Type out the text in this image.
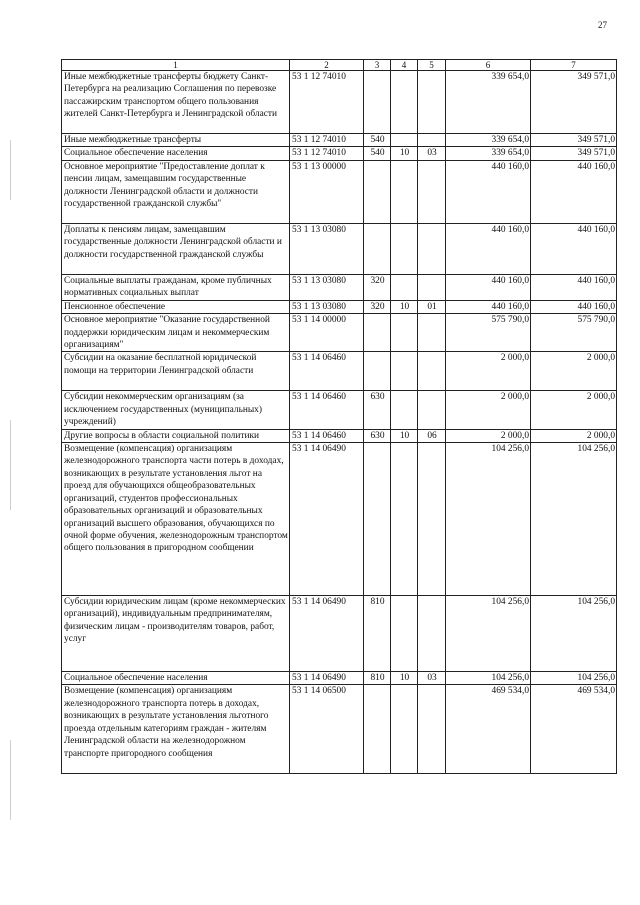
27
1	2	3	4	5	6	7
Иные межбюджетные трансферты бюджету Санкт-Петербурга на реализацию Соглашения по перевозке пассажирским транспортом общего пользования жителей Санкт-Петербурга и Ленинградской области	53 1 12 74010				339 654,0	349 571,0
Иные межбюджетные трансферты	53 1 12 74010	540			339 654,0	349 571,0
Социальное обеспечение населения	53 1 12 74010	540	10	03	339 654,0	349 571,0
Основное мероприятие "Предоставление доплат к пенсии лицам, замещавшим государственные должности Ленинградской области и должности государственной гражданской службы"	53 1 13 00000				440 160,0	440 160,0
Доплаты к пенсиям лицам, замещавшим государственные должности Ленинградской области и должности государственной гражданской службы	53 1 13 03080				440 160,0	440 160,0
Социальные выплаты гражданам, кроме публичных нормативных социальных выплат	53 1 13 03080	320			440 160,0	440 160,0
Пенсионное обеспечение	53 1 13 03080	320	10	01	440 160,0	440 160,0
Основное мероприятие "Оказание государственной поддержки юридическим лицам и некоммерческим организациям"	53 1 14 00000				575 790,0	575 790,0
Субсидии на оказание бесплатной юридической помощи на территории Ленинградской области	53 1 14 06460				2 000,0	2 000,0
Субсидии некоммерческим организациям (за исключением государственных (муниципальных) учреждений)	53 1 14 06460	630			2 000,0	2 000,0
Другие вопросы в области социальной политики	53 1 14 06460	630	10	06	2 000,0	2 000,0
Возмещение (компенсация) организациям железнодорожного транспорта части потерь в доходах, возникающих в результате установления льгот на проезд для обучающихся общеобразовательных организаций, студентов профессиональных образовательных организаций и образовательных организаций высшего образования, обучающихся по очной форме обучения, железнодорожным транспортом общего пользования в пригородном сообщении	53 1 14 06490				104 256,0	104 256,0
Субсидии юридическим лицам (кроме некоммерческих организаций), индивидуальным предпринимателям, физическим лицам - производителям товаров, работ, услуг	53 1 14 06490	810			104 256,0	104 256,0
Социальное обеспечение населения	53 1 14 06490	810	10	03	104 256,0	104 256,0
Возмещение (компенсация) организациям железнодорожного транспорта потерь в доходах, возникающих в результате установления льготного проезда отдельным категориям граждан - жителям Ленинградской области на железнодорожном транспорте пригородного сообщения	53 1 14 06500				469 534,0	469 534,0
